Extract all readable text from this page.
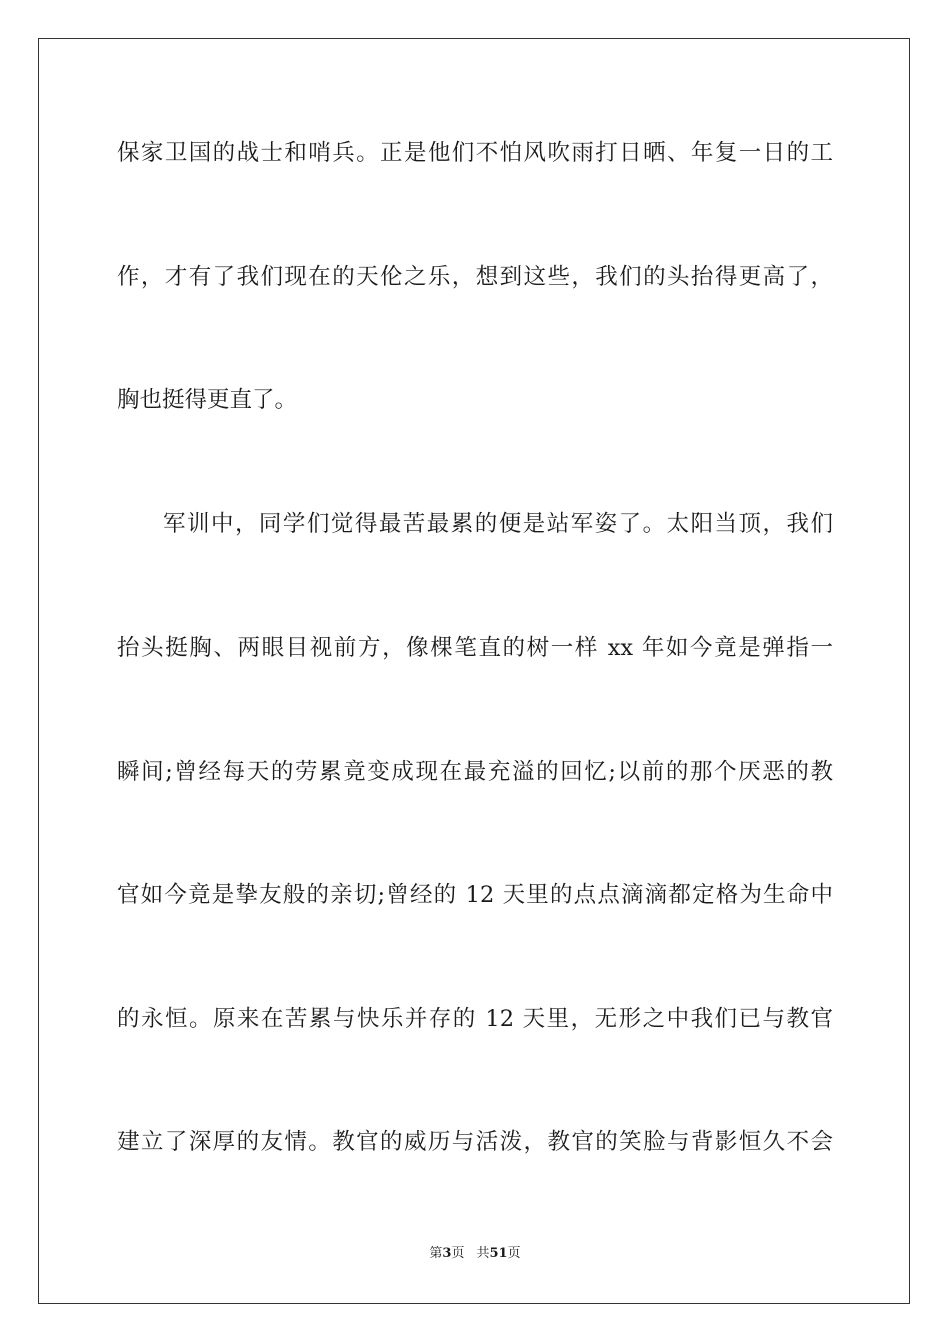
保家卫国的战士和哨兵。正是他们不怕风吹雨打日晒、年复一日的工
作，才有了我们现在的天伦之乐，想到这些，我们的头抬得更高了，
胸也挺得更直了。
军训中，同学们觉得最苦最累的便是站军姿了。太阳当顶，我们
抬头挺胸、两眼目视前方，像棵笔直的树一样 xx 年如今竟是弹指一
瞬间;曾经每天的劳累竟变成现在最充溢的回忆;以前的那个厌恶的教
官如今竟是挚友般的亲切;曾经的 12 天里的点点滴滴都定格为生命中
的永恒。原来在苦累与快乐并存的 12 天里，无形之中我们已与教官
建立了深厚的友情。教官的威历与活泼，教官的笑脸与背影恒久不会
第3页 共51页
